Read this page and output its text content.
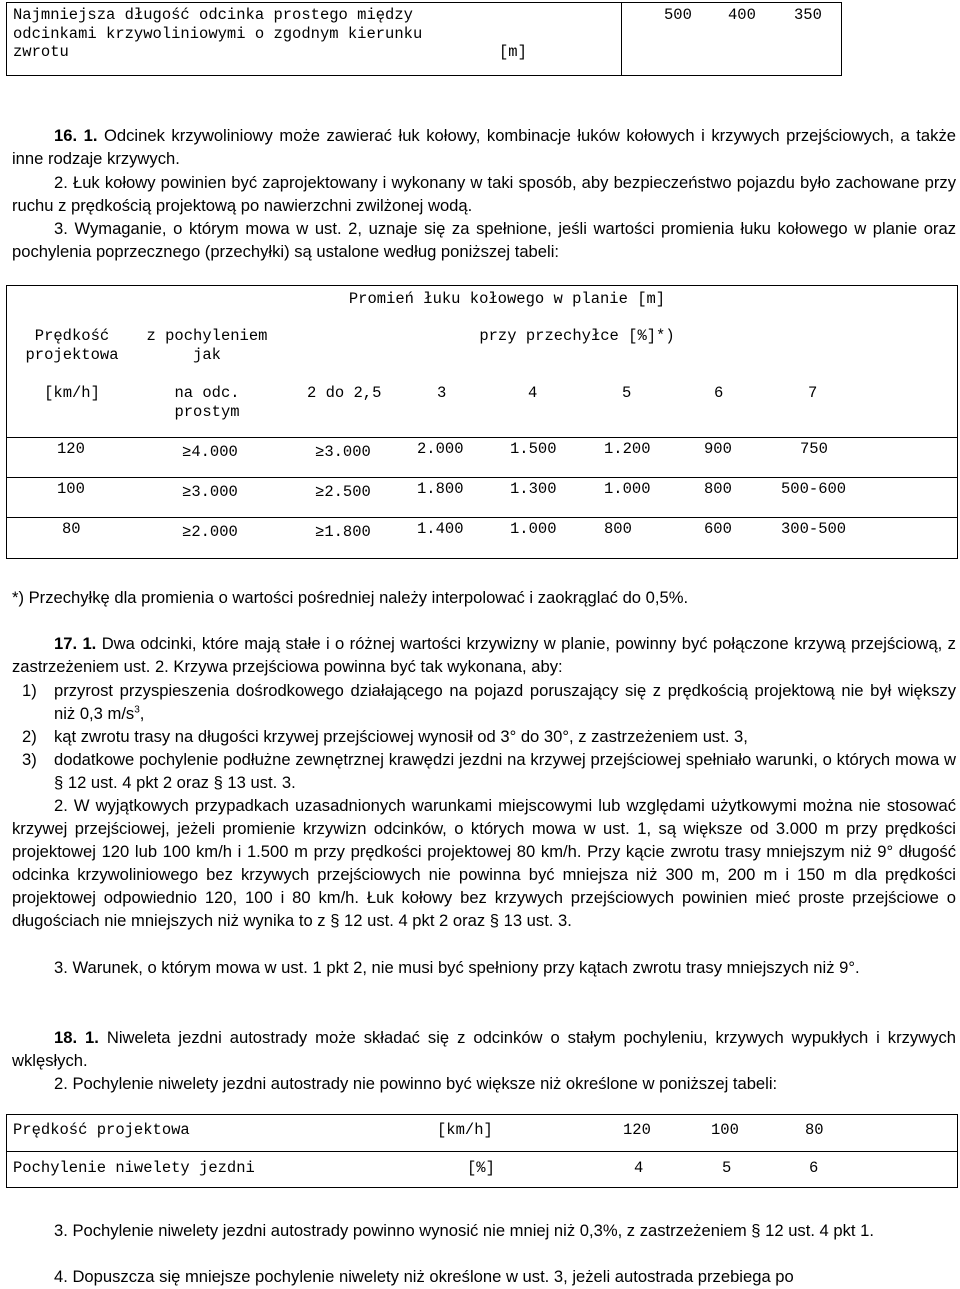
Najmniejsza długość odcinka prostego między
odcinkami krzywoliniowymi o zgodnym kierunku
zwrotu	[m]
500 400 350
16. 1. Odcinek krzywoliniowy może zawierać łuk kołowy, kombinacje łuków kołowych i krzywych przejściowych, a także inne rodzaje krzywych.
2. Łuk kołowy powinien być zaprojektowany i wykonany w taki sposób, aby bezpieczeństwo pojazdu było zachowane przy ruchu z prędkością projektową po nawierzchni zwilżonej wodą.
3. Wymaganie, o którym mowa w ust. 2, uznaje się za spełnione, jeśli wartości promienia łuku kołowego w planie oraz pochylenia poprzecznego (przechyłki) są ustalone według poniższej tabeli:
Promień łuku kołowego w planie [m]
Prędkość
projektowa
[km/h]
z pochyleniem
jak
na odc.
prostym
przy przechyłce [%]*)
2 do 2,5	3	4	5	6	7
120	≥4.000	≥3.000	2.000	1.500	1.200	900	750
100	≥3.000	≥2.500	1.800	1.300	1.000	800	500-600
80	≥2.000	≥1.800	1.400	1.000	800	600	300-500
*) Przechyłkę dla promienia o wartości pośredniej należy interpolować i zaokrąglać do 0,5%.
17. 1. Dwa odcinki, które mają stałe i o różnej wartości krzywizny w planie, powinny być połączone krzywą przejściową, z zastrzeżeniem ust. 2. Krzywa przejściowa powinna być tak wykonana, aby:
1) przyrost przyspieszenia dośrodkowego działającego na pojazd poruszający się z prędkością projektową nie był większy niż 0,3 $m/s^3$,
2) kąt zwrotu trasy na długości krzywej przejściowej wynosił od 3° do 30°, z zastrzeżeniem ust. 3,
3) dodatkowe pochylenie podłużne zewnętrznej krawędzi jezdni na krzywej przejściowej spełniało warunki, o których mowa w § 12 ust. 4 pkt 2 oraz § 13 ust. 3.
2. W wyjątkowych przypadkach uzasadnionych warunkami miejscowymi lub względami użytkowymi można nie stosować krzywej przejściowej, jeżeli promienie krzywizn odcinków, o których mowa w ust. 1, są większe od 3.000 m przy prędkości projektowej 120 lub 100 km/h i 1.500 m przy prędkości projektowej 80 km/h. Przy kącie zwrotu trasy mniejszym niż 9° długość odcinka krzywoliniowego bez krzywych przejściowych nie powinna być mniejsza niż 300 m, 200 m i 150 m dla prędkości projektowej odpowiednio 120, 100 i 80 km/h. Łuk kołowy bez krzywych przejściowych powinien mieć proste przejściowe o długościach nie mniejszych niż wynika to z § 12 ust. 4 pkt 2 oraz § 13 ust. 3.
3. Warunek, o którym mowa w ust. 1 pkt 2, nie musi być spełniony przy kątach zwrotu trasy mniejszych niż 9°.
18. 1. Niweleta jezdni autostrady może składać się z odcinków o stałym pochyleniu, krzywych wypukłych i krzywych wklęsłych.
2. Pochylenie niwelety jezdni autostrady nie powinno być większe niż określone w poniższej tabeli:
Prędkość projektowa	[km/h]	120	100	80
Pochylenie niwelety jezdni	[%]	4	5	6
3. Pochylenie niwelety jezdni autostrady powinno wynosić nie mniej niż 0,3%, z zastrzeżeniem § 12 ust. 4 pkt 1.
4. Dopuszcza się mniejsze pochylenie niwelety niż określone w ust. 3, jeżeli autostrada przebiega po
